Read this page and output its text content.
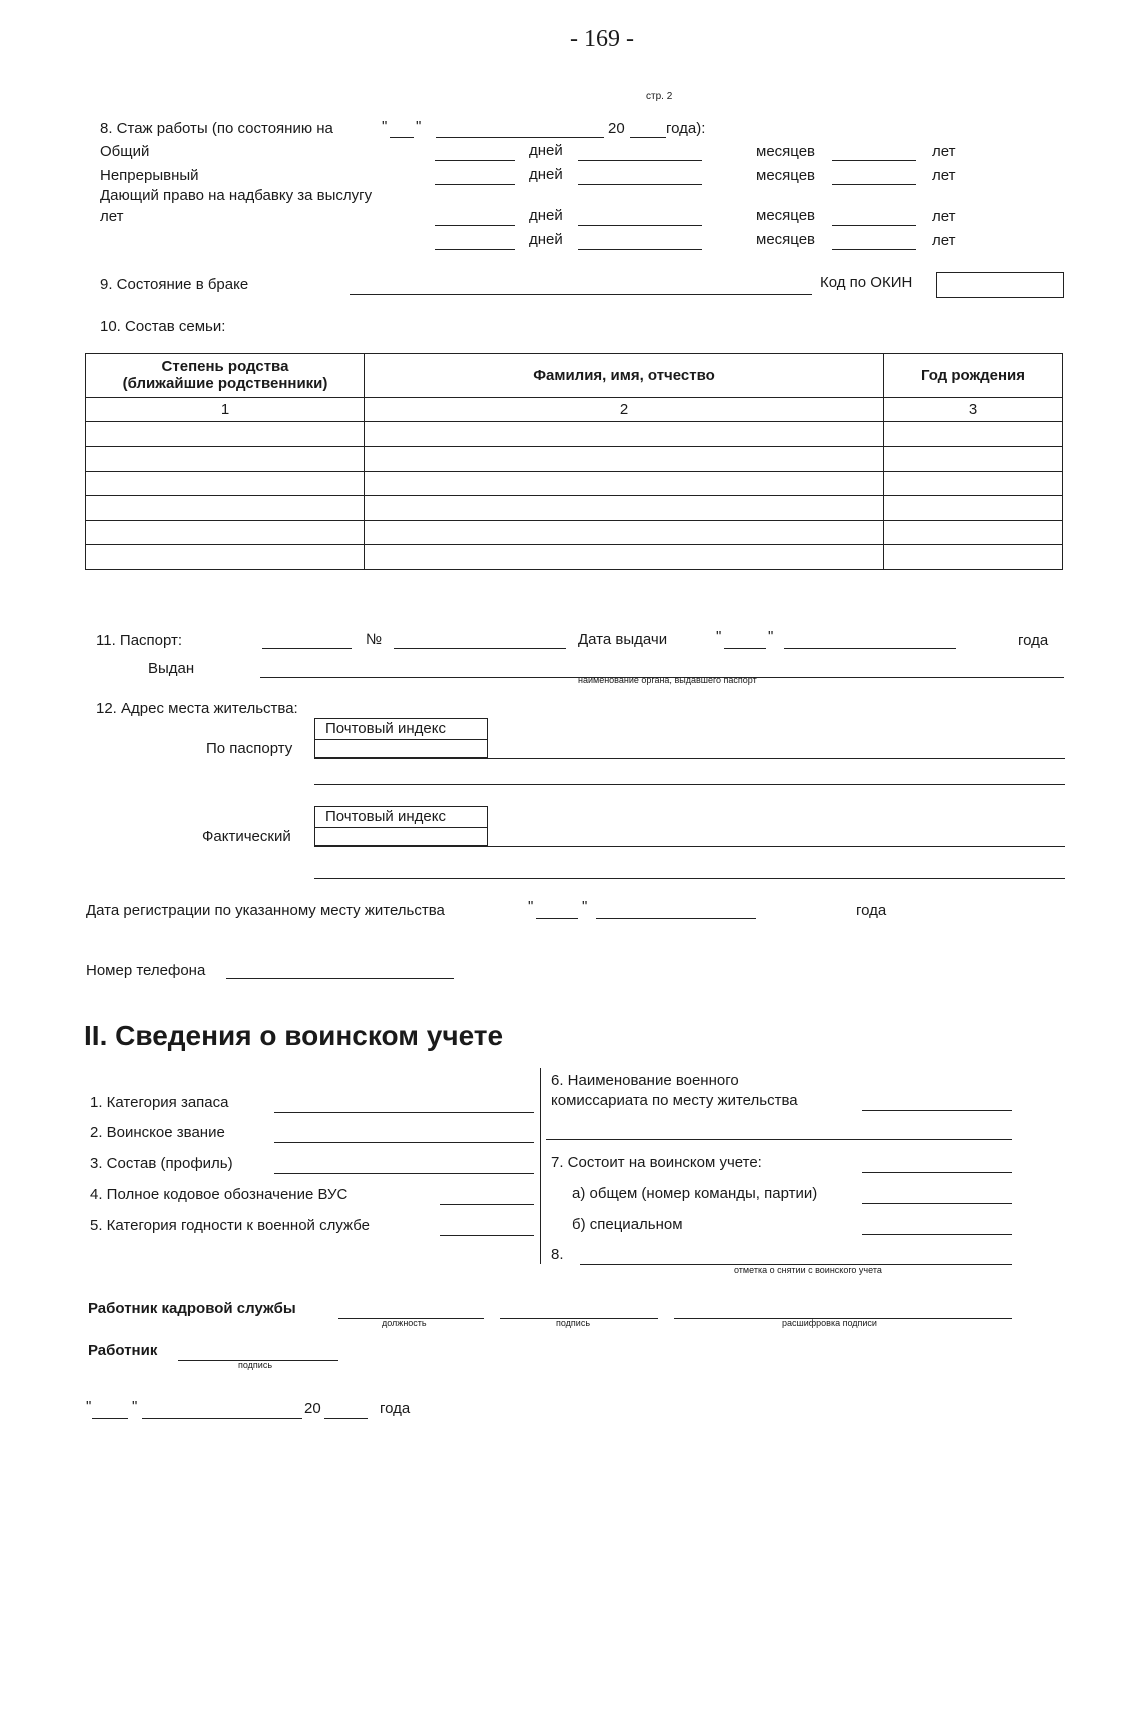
- 169 -
стр. 2
8. Стаж работы (по состоянию на	" "	20	года):
Общий	дней	месяцев	лет
Непрерывный	дней	месяцев	лет
Дающий право на надбавку за выслугу
лет	дней	месяцев	лет
дней	месяцев	лет
9. Состояние в браке	Код по ОКИН
10. Состав семьи:
Степень родства
(ближайшие родственники)	Фамилия, имя, отчество	Год рождения
1	2	3

11. Паспорт:	№	Дата выдачи	"	"	года
Выдан
наименование органа, выдавшего паспорт
12. Адрес места жительства:
Почтовый индекс
По паспорту
Почтовый индекс
Фактический
Дата регистрации по указанному месту жительства	"	"	года
Номер телефона
II. Сведения о воинском учете
1. Категория запаса
2. Воинское звание
3. Состав (профиль)
4. Полное кодовое обозначение ВУС
5. Категория годности к военной службе
6. Наименование военного
комиссариата по месту жительства
7. Состоит на воинском учете:
а) общем (номер команды, партии)
б) специальном
8.
отметка о снятии с воинского учета
Работник кадровой службы
должность	подпись	расшифровка подписи
Работник
подпись
"	"	20	года
